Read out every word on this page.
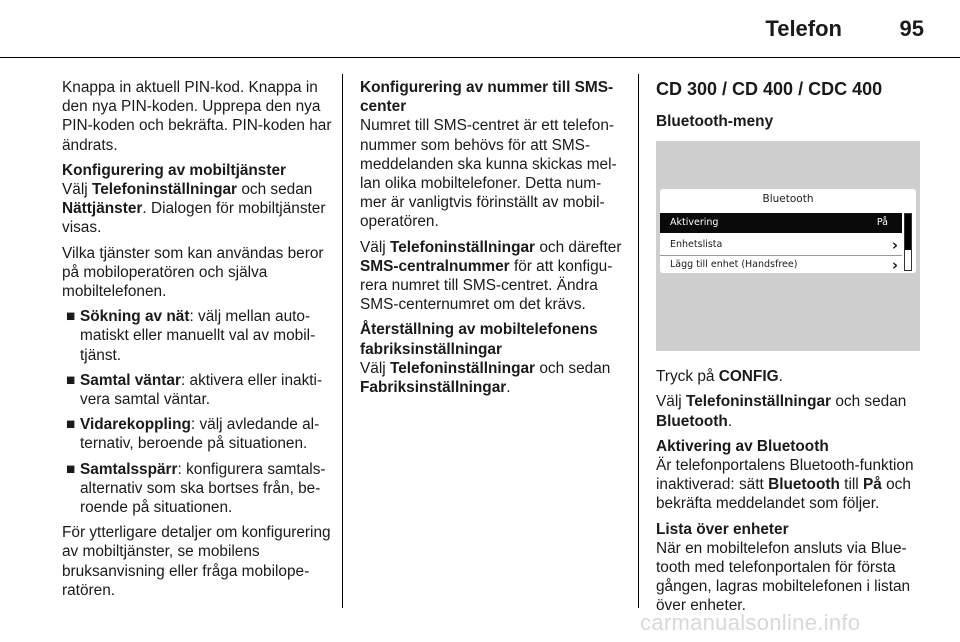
Telefon	95

Knappa in aktuell PIN-kod. Knappa in den nya PIN-koden. Upprepa den nya PIN-koden och bekräfta. PIN-koden har ändrats.

Konfigurering av mobiltjänster
Välj Telefoninställningar och sedan Nättjänster. Dialogen för mobiltjänster visas.

Vilka tjänster som kan användas beror på mobiloperatören och själva mobiltelefonen.

■ Sökning av nät: välj mellan automatiskt eller manuellt val av mobiltjänst.
■ Samtal väntar: aktivera eller inaktivera samtal väntar.
■ Vidarekoppling: välj avledande alternativ, beroende på situationen.
■ Samtalsspärr: konfigurera samtalsalternativ som ska bortses från, beroende på situationen.

För ytterligare detaljer om konfigurering av mobiltjänster, se mobilens bruksanvisning eller fråga mobiloperatören.

Konfigurering av nummer till SMS-center
Numret till SMS-centret är ett telefonnummer som behövs för att SMS-meddelanden ska kunna skickas mellan olika mobiltelefoner. Detta nummer är vanligtvis förinställt av mobiloperatören.

Välj Telefoninställningar och därefter SMS-centralnummer för att konfigurera numret till SMS-centret. Ändra SMS-centernumret om det krävs.

Återställning av mobiltelefonens fabriksinställningar
Välj Telefoninställningar och sedan Fabriksinställningar.

CD 300 / CD 400 / CDC 400
Bluetooth-meny
Bluetooth
Aktivering	På
Enhetslista	›
Lägg till enhet (Handsfree)	›

Tryck på CONFIG.

Välj Telefoninställningar och sedan Bluetooth.

Aktivering av Bluetooth
Är telefonportalens Bluetooth-funktion inaktiverad: sätt Bluetooth till På och bekräfta meddelandet som följer.

Lista över enheter
När en mobiltelefon ansluts via Bluetooth med telefonportalen för första gången, lagras mobiltelefonen i listan över enheter.

carmanualsonline.info
